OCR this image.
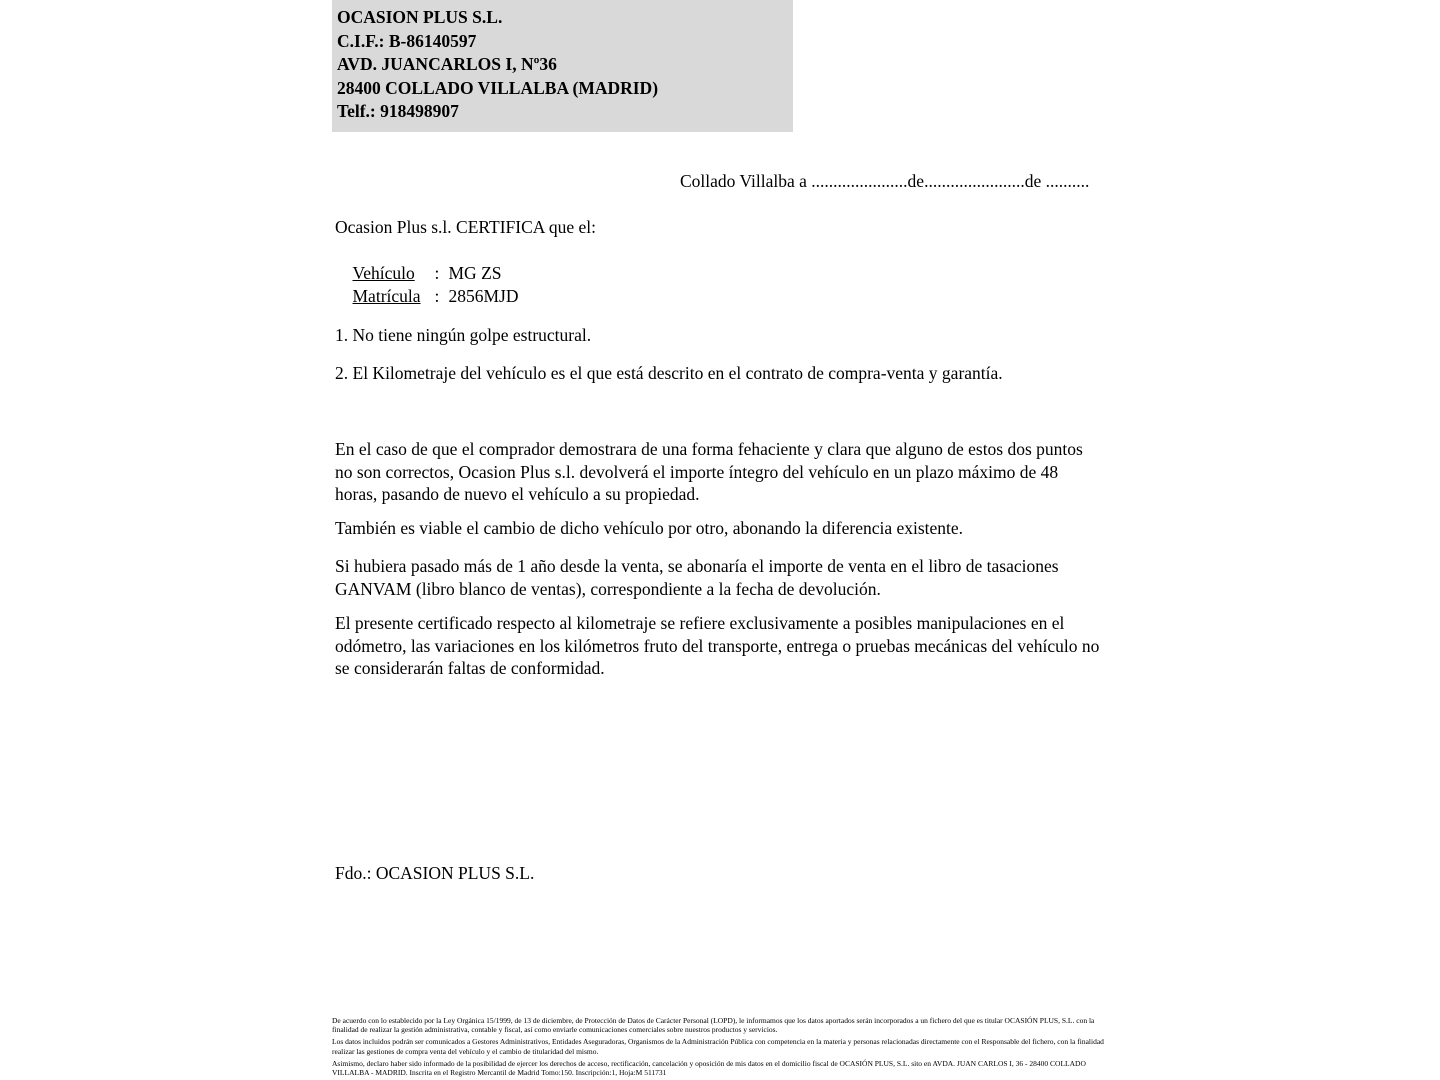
OCASION PLUS S.L.
C.I.F.: B-86140597
AVD. JUANCARLOS I, Nº36
28400 COLLADO VILLALBA (MADRID)
Telf.: 918498907
Collado Villalba a ......................de.......................de ..........
Ocasion Plus s.l. CERTIFICA que el:

Vehículo : MG ZS

Matrícula : 2856MJD

1. No tiene ningún golpe estructural.
2. El Kilometraje del vehículo es el que está descrito en el contrato de compra-venta y garantía.
En el caso de que el comprador demostrara de una forma fehaciente y clara que alguno de estos dos puntos no son correctos, Ocasion Plus s.l. devolverá el importe íntegro del vehículo en un plazo máximo de 48 horas, pasando de nuevo el vehículo a su propiedad.
También es viable el cambio de dicho vehículo por otro, abonando la diferencia existente.
Si hubiera pasado más de 1 año desde la venta, se abonaría el importe de venta en el libro de tasaciones GANVAM (libro blanco de ventas), correspondiente a la fecha de devolución.
El presente certificado respecto al kilometraje se refiere exclusivamente a posibles manipulaciones en el odómetro, las variaciones en los kilómetros fruto del transporte, entrega o pruebas mecánicas del vehículo no se considerarán faltas de conformidad.
Fdo.: OCASION PLUS S.L.

De acuerdo con lo establecido por la Ley Orgánica 15/1999, de 13 de diciembre, de Protección de Datos de Carácter Personal (LOPD), le informamos que los datos aportados serán incorporados a un fichero del que es titular OCASIÓN PLUS, S.L. con la finalidad de realizar la gestión administrativa, contable y fiscal, así como enviarle comunicaciones comerciales sobre nuestros productos y servicios.

Los datos incluidos podrán ser comunicados a Gestores Administrativos, Entidades Aseguradoras, Organismos de la Administración Pública con competencia en la materia y personas relacionadas directamente con el Responsable del fichero, con la finalidad realizar las gestiones de compra venta del vehículo y el cambio de titularidad del mismo.

Asimismo, declaro haber sido informado de la posibilidad de ejercer los derechos de acceso, rectificación, cancelación y oposición de mis datos en el domicilio fiscal de OCASIÓN PLUS, S.L. sito en AVDA. JUAN CARLOS I, 36 - 28400 COLLADO VILLALBA - MADRID. Inscrita en el Registro Mercantil de Madrid Tomo:150. Inscripción:1, Hoja:M 511731
